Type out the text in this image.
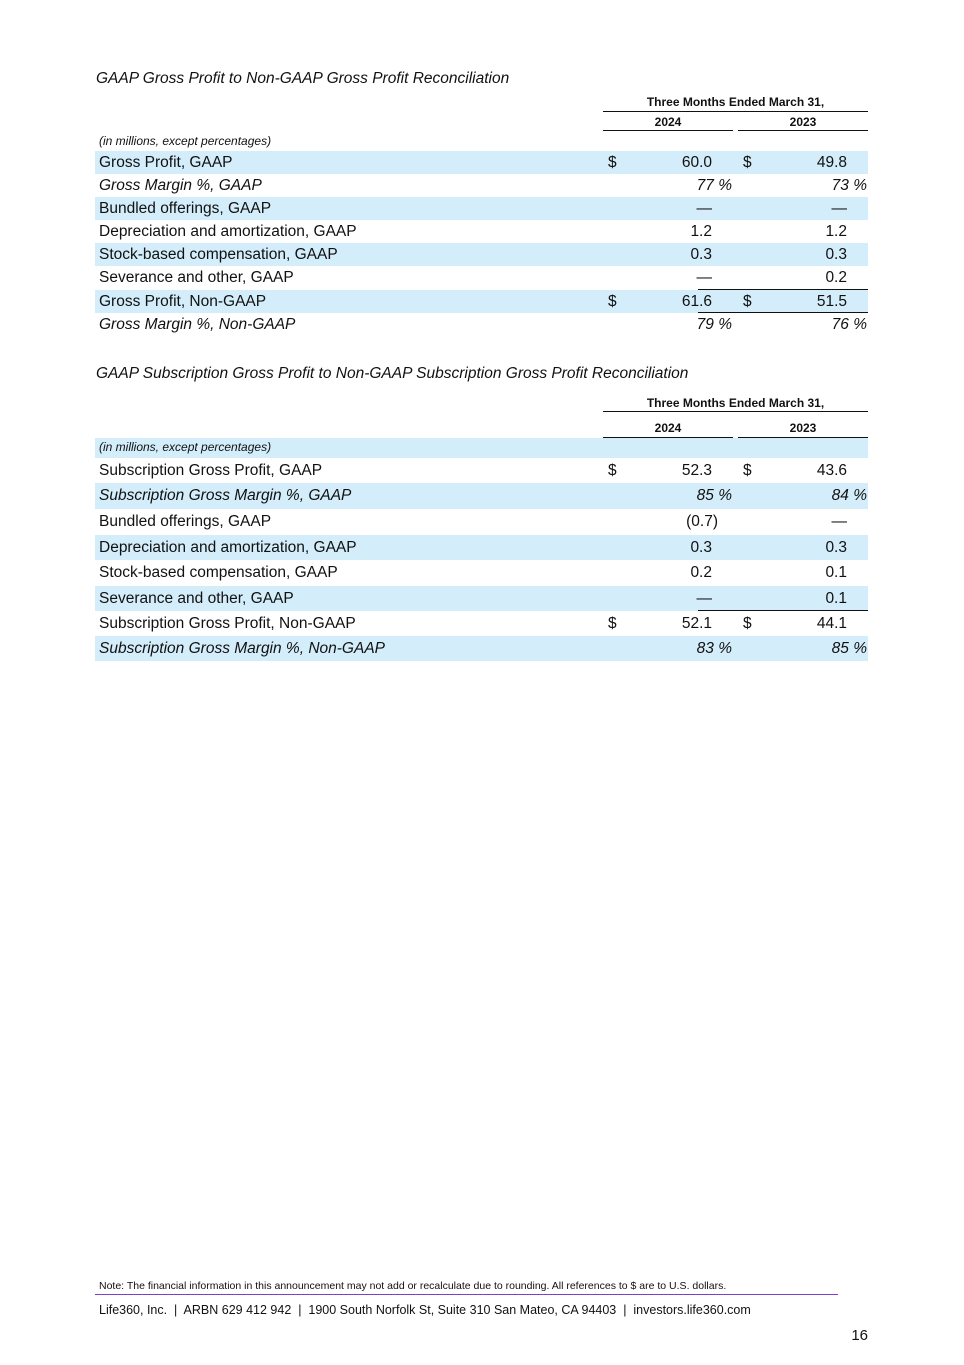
GAAP Gross Profit to Non-GAAP Gross Profit Reconciliation
Three Months Ended March 31,
2024	2023
(in millions, except percentages)
Gross Profit, GAAP	$	60.0 $	49.8
Gross Margin %, GAAP	77 %	73 %
Bundled offerings, GAAP	—	—
Depreciation and amortization, GAAP	1.2	1.2
Stock-based compensation, GAAP	0.3	0.3
Severance and other, GAAP	—	0.2
Gross Profit, Non-GAAP	$	61.6 $	51.5
Gross Margin %, Non-GAAP	79 %	76 %
GAAP Subscription Gross Profit to Non-GAAP Subscription Gross Profit Reconciliation
Three Months Ended March 31,
2024	2023
(in millions, except percentages)
Subscription Gross Profit, GAAP	$	52.3 $	43.6
Subscription Gross Margin %, GAAP	85 %	84 %
Bundled offerings, GAAP	(0.7)	—
Depreciation and amortization, GAAP	0.3	0.3
Stock-based compensation, GAAP	0.2	0.1
Severance and other, GAAP	—	0.1
Subscription Gross Profit, Non-GAAP	$	52.1 $	44.1
Subscription Gross Margin %, Non-GAAP	83 %	85 %
Note: The financial information in this announcement may not add or recalculate due to rounding. All references to $ are to U.S. dollars.
Life360, Inc.  |  ARBN 629 412 942  |  1900 South Norfolk St, Suite 310 San Mateo, CA 94403  |  investors.life360.com
16
